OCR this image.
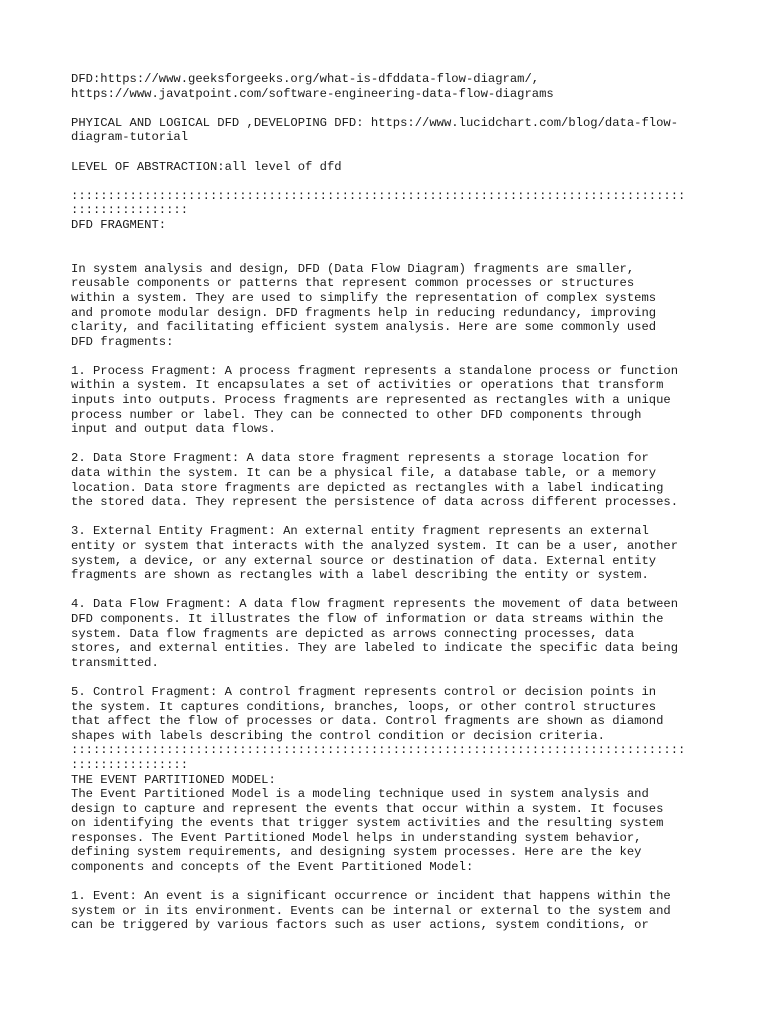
DFD:https://www.geeksforgeeks.org/what-is-dfddata-flow-diagram/,
https://www.javatpoint.com/software-engineering-data-flow-diagrams
PHYICAL AND LOGICAL DFD ,DEVELOPING DFD: https://www.lucidchart.com/blog/data-flow-
diagram-tutorial
LEVEL OF ABSTRACTION:all level of dfd
::::::::::::::::::::::::::::::::::::::::::::::::::::::::::::::::::::::::::::::::::::
::::::::::::::::
DFD FRAGMENT:
In system analysis and design, DFD (Data Flow Diagram) fragments are smaller,
reusable components or patterns that represent common processes or structures
within a system. They are used to simplify the representation of complex systems
and promote modular design. DFD fragments help in reducing redundancy, improving
clarity, and facilitating efficient system analysis. Here are some commonly used
DFD fragments:
1. Process Fragment: A process fragment represents a standalone process or function
within a system. It encapsulates a set of activities or operations that transform
inputs into outputs. Process fragments are represented as rectangles with a unique
process number or label. They can be connected to other DFD components through
input and output data flows.
2. Data Store Fragment: A data store fragment represents a storage location for
data within the system. It can be a physical file, a database table, or a memory
location. Data store fragments are depicted as rectangles with a label indicating
the stored data. They represent the persistence of data across different processes.
3. External Entity Fragment: An external entity fragment represents an external
entity or system that interacts with the analyzed system. It can be a user, another
system, a device, or any external source or destination of data. External entity
fragments are shown as rectangles with a label describing the entity or system.
4. Data Flow Fragment: A data flow fragment represents the movement of data between
DFD components. It illustrates the flow of information or data streams within the
system. Data flow fragments are depicted as arrows connecting processes, data
stores, and external entities. They are labeled to indicate the specific data being
transmitted.
5. Control Fragment: A control fragment represents control or decision points in
the system. It captures conditions, branches, loops, or other control structures
that affect the flow of processes or data. Control fragments are shown as diamond
shapes with labels describing the control condition or decision criteria.
::::::::::::::::::::::::::::::::::::::::::::::::::::::::::::::::::::::::::::::::::::
::::::::::::::::
THE EVENT PARTITIONED MODEL:
The Event Partitioned Model is a modeling technique used in system analysis and
design to capture and represent the events that occur within a system. It focuses
on identifying the events that trigger system activities and the resulting system
responses. The Event Partitioned Model helps in understanding system behavior,
defining system requirements, and designing system processes. Here are the key
components and concepts of the Event Partitioned Model:
1. Event: An event is a significant occurrence or incident that happens within the
system or in its environment. Events can be internal or external to the system and
can be triggered by various factors such as user actions, system conditions, or
